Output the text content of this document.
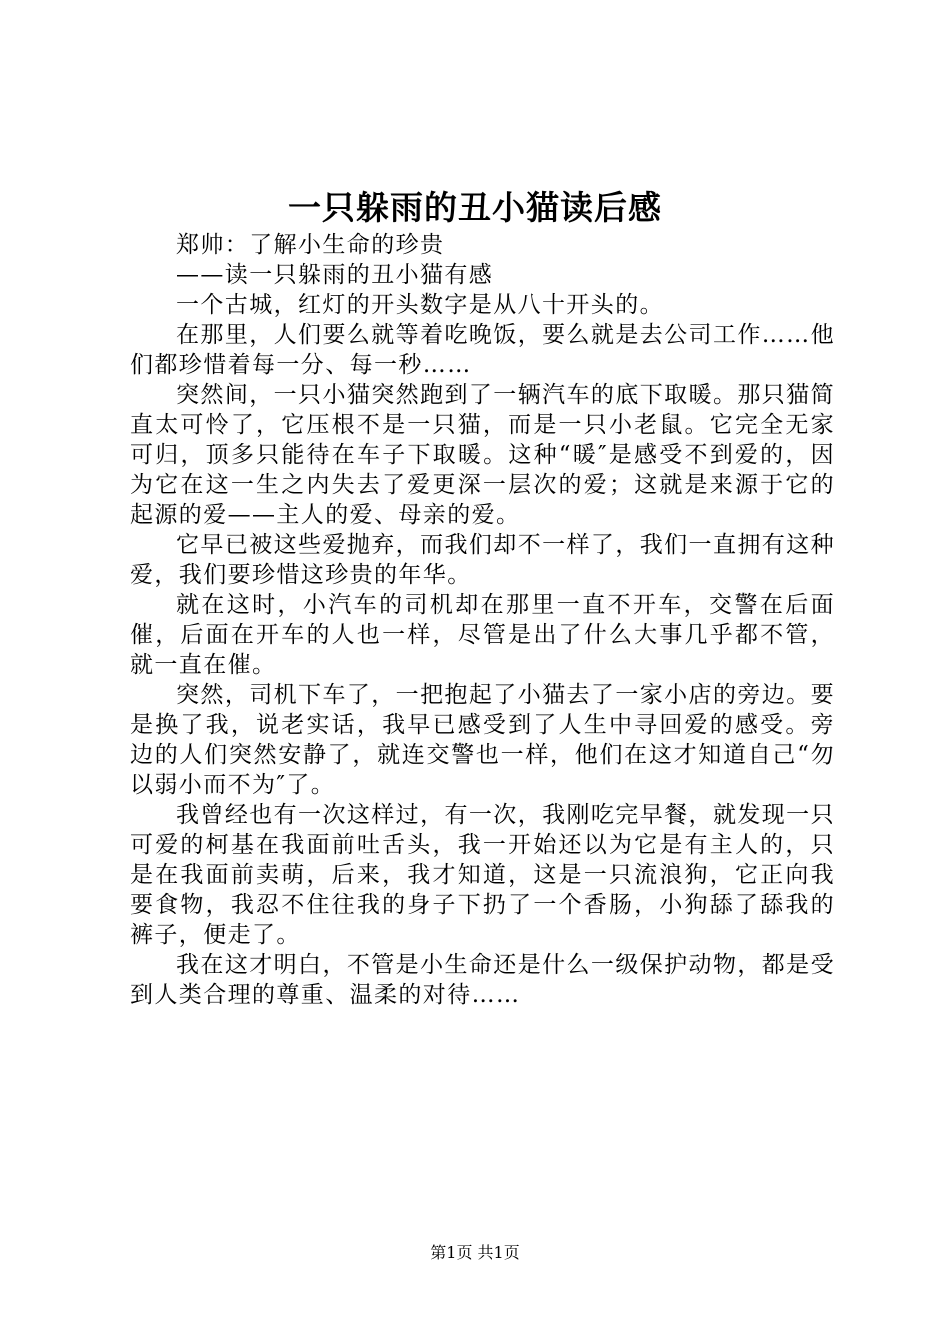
一只躲雨的丑小猫读后感

郑帅：了解小生命的珍贵

——读一只躲雨的丑小猫有感

一个古城，红灯的开头数字是从八十开头的。

在那里，人们要么就等着吃晚饭，要么就是去公司工作……他们都珍惜着每一分、每一秒……

突然间，一只小猫突然跑到了一辆汽车的底下取暖。那只猫简直太可怜了，它压根不是一只猫，而是一只小老鼠。它完全无家可归，顶多只能待在车子下取暖。这种“暖″是感受不到爱的，因为它在这一生之内失去了爱更深一层次的爱；这就是来源于它的起源的爱——主人的爱、母亲的爱。

它早已被这些爱抛弃，而我们却不一样了，我们一直拥有这种爱，我们要珍惜这珍贵的年华。

就在这时，小汽车的司机却在那里一直不开车，交警在后面催，后面在开车的人也一样，尽管是出了什么大事几乎都不管，就一直在催。

突然，司机下车了，一把抱起了小猫去了一家小店的旁边。要是换了我，说老实话，我早已感受到了人生中寻回爱的感受。旁边的人们突然安静了，就连交警也一样，他们在这才知道自己“勿以弱小而不为″了。

我曾经也有一次这样过，有一次，我刚吃完早餐，就发现一只可爱的柯基在我面前吐舌头，我一开始还以为它是有主人的，只是在我面前卖萌，后来，我才知道，这是一只流浪狗，它正向我要食物，我忍不住往我的身子下扔了一个香肠，小狗舔了舔我的裤子，便走了。

我在这才明白，不管是小生命还是什么一级保护动物，都是受到人类合理的尊重、温柔的对待……

第1页 共1页
